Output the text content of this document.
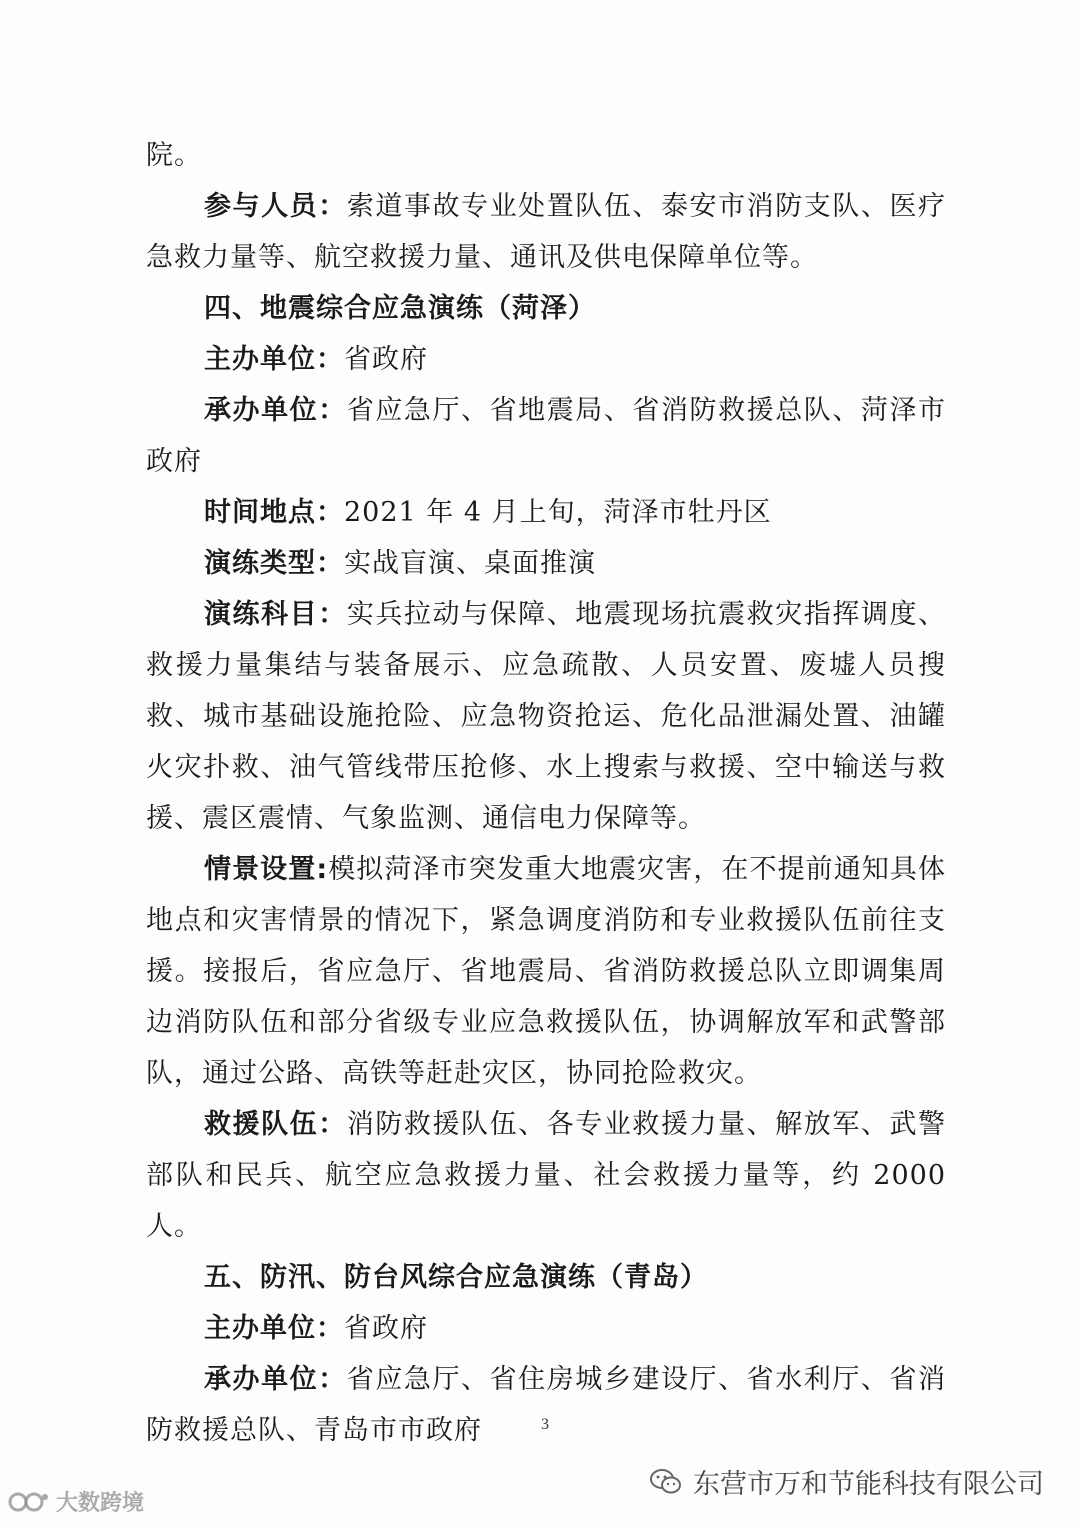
院。

参与人员：索道事故专业处置队伍、泰安市消防支队、医疗急救力量等、航空救援力量、通讯及供电保障单位等。

四、地震综合应急演练（菏泽）

主办单位：省政府

承办单位：省应急厅、省地震局、省消防救援总队、菏泽市政府

时间地点：2021 年 4 月上旬，菏泽市牡丹区

演练类型：实战盲演、桌面推演

演练科目：实兵拉动与保障、地震现场抗震救灾指挥调度、救援力量集结与装备展示、应急疏散、人员安置、废墟人员搜救、城市基础设施抢险、应急物资抢运、危化品泄漏处置、油罐火灾扑救、油气管线带压抢修、水上搜索与救援、空中输送与救援、震区震情、气象监测、通信电力保障等。

情景设置:模拟菏泽市突发重大地震灾害，在不提前通知具体地点和灾害情景的情况下，紧急调度消防和专业救援队伍前往支援。接报后，省应急厅、省地震局、省消防救援总队立即调集周边消防队伍和部分省级专业应急救援队伍，协调解放军和武警部队，通过公路、高铁等赶赴灾区，协同抢险救灾。

救援队伍：消防救援队伍、各专业救援力量、解放军、武警部队和民兵、航空应急救援力量、社会救援力量等，约 2000 人。

五、防汛、防台风综合应急演练（青岛）

主办单位：省政府

承办单位：省应急厅、省住房城乡建设厅、省水利厅、省消防救援总队、青岛市市政府	3
东营市万和节能科技有限公司
大数跨境
